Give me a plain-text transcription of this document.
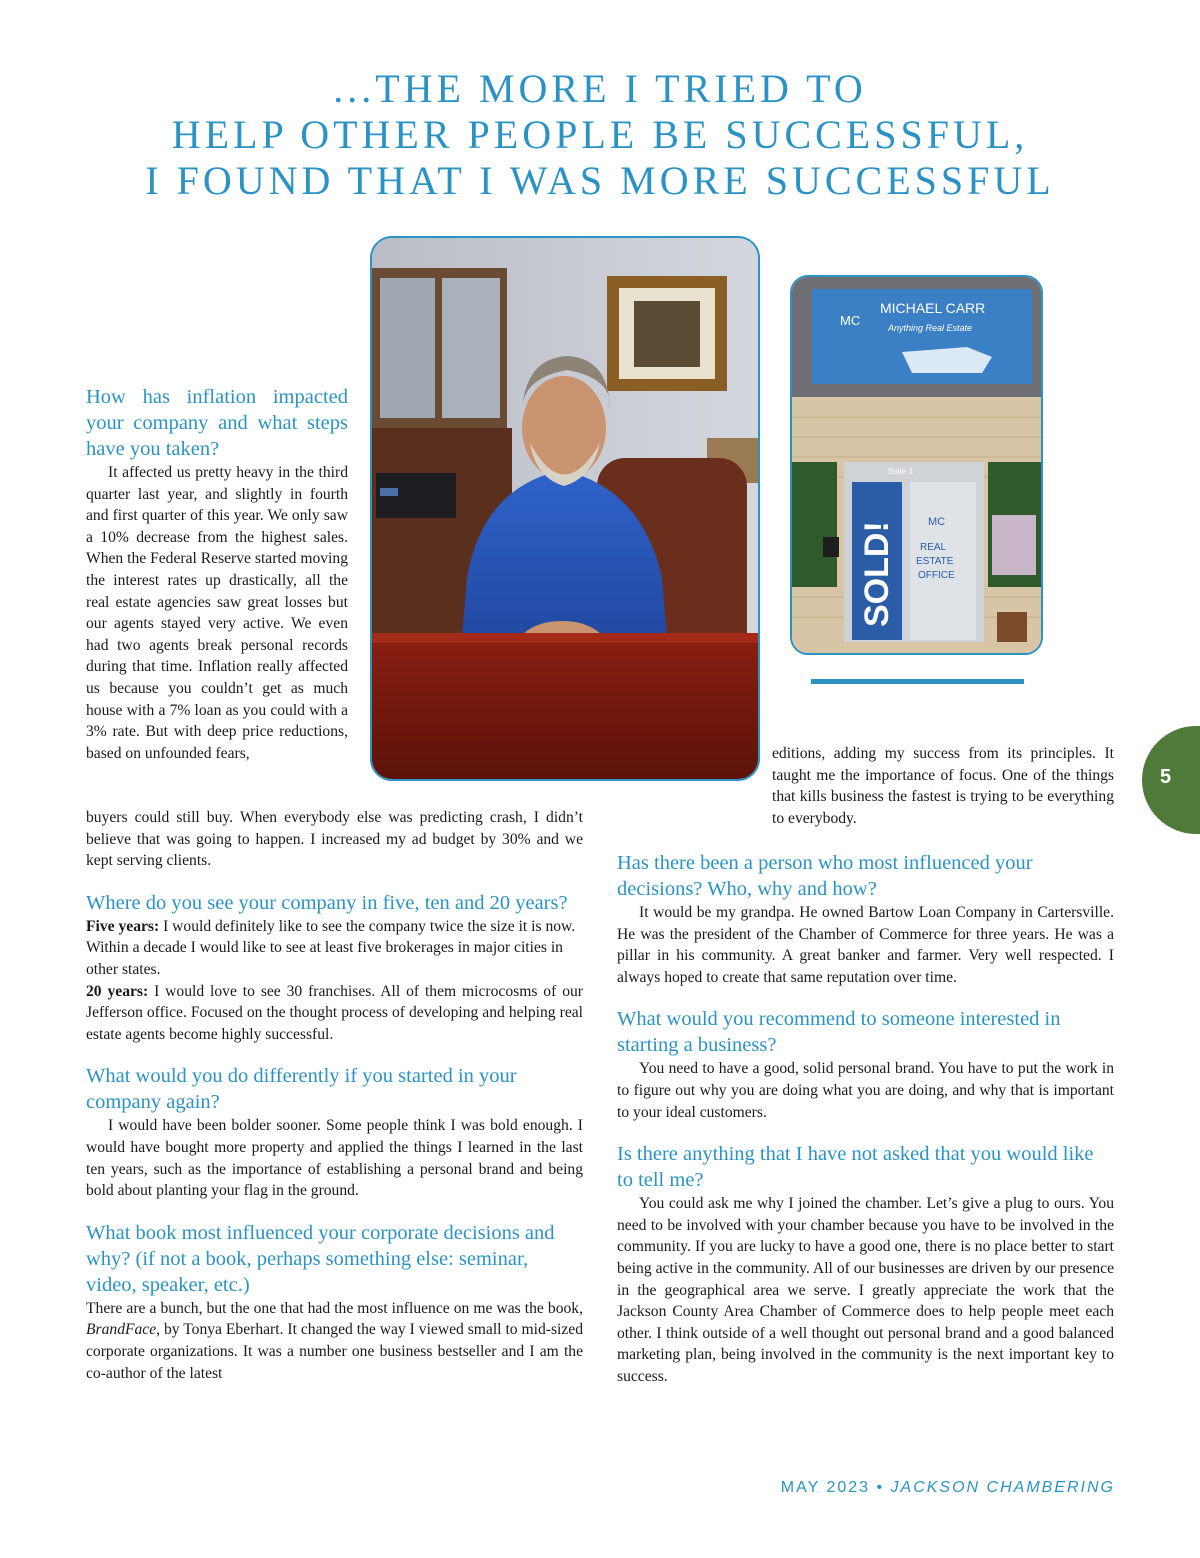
...THE MORE I TRIED TO
HELP OTHER PEOPLE BE SUCCESSFUL,
I FOUND THAT I WAS MORE SUCCESSFUL
MC
MICHAEL CARR
Anything Real Estate
Suite 1
SOLD!	MC
REAL
ESTATE
OFFICE
How has inflation impacted your company and what steps have you taken?

It affected us pretty heavy in the third quarter last year, and slightly in fourth and first quarter of this year. We only saw a 10% decrease from the highest sales. When the Federal Reserve started moving the interest rates up drastically, all the real estate agencies saw great losses but our agents stayed very active. We even had two agents break personal records during that time. Inflation really affected us because you couldn’t get as much house with a 7% loan as you could with a 3% rate. But with deep price reductions, based on unfounded fears,

buyers could still buy. When everybody else was predicting crash, I didn’t believe that was going to happen. I increased my ad budget by 30% and we kept serving clients.

Where do you see your company in five, ten and 20 years?

Five years: I would definitely like to see the company twice the size it is now.

Within a decade I would like to see at least five brokerages in major cities in other states.

20 years: I would love to see 30 franchises. All of them microcosms of our Jefferson office. Focused on the thought process of developing and helping real estate agents become highly successful.

What would you do differently if you started in your company again?

I would have been bolder sooner. Some people think I was bold enough. I would have bought more property and applied the things I learned in the last ten years, such as the importance of establishing a personal brand and being bold about planting your flag in the ground.

What book most influenced your corporate decisions and why? (if not a book, perhaps something else: seminar, video, speaker, etc.)

There are a bunch, but the one that had the most influence on me was the book, BrandFace, by Tonya Eberhart. It changed the way I viewed small to mid-sized corporate organizations. It was a number one business bestseller and I am the co-author of the latest

editions, adding my success from its principles. It taught me the importance of focus. One of the things that kills business the fastest is trying to be everything to everybody.

Has there been a person who most influenced your decisions? Who, why and how?

It would be my grandpa. He owned Bartow Loan Company in Cartersville. He was the president of the Chamber of Commerce for three years. He was a pillar in his community. A great banker and farmer. Very well respected. I always hoped to create that same reputation over time.

What would you recommend to someone interested in starting a business?

You need to have a good, solid personal brand. You have to put the work in to figure out why you are doing what you are doing, and why that is important to your ideal customers.

Is there anything that I have not asked that you would like to tell me?

You could ask me why I joined the chamber. Let’s give a plug to ours. You need to be involved with your chamber because you have to be involved in the community. If you are lucky to have a good one, there is no place better to start being active in the community. All of our businesses are driven by our presence in the geographical area we serve. I greatly appreciate the work that the Jackson County Area Chamber of Commerce does to help people meet each other. I think outside of a well thought out personal brand and a good balanced marketing plan, being involved in the community is the next important key to success.

5
MAY 2023 • JACKSON CHAMBERING
